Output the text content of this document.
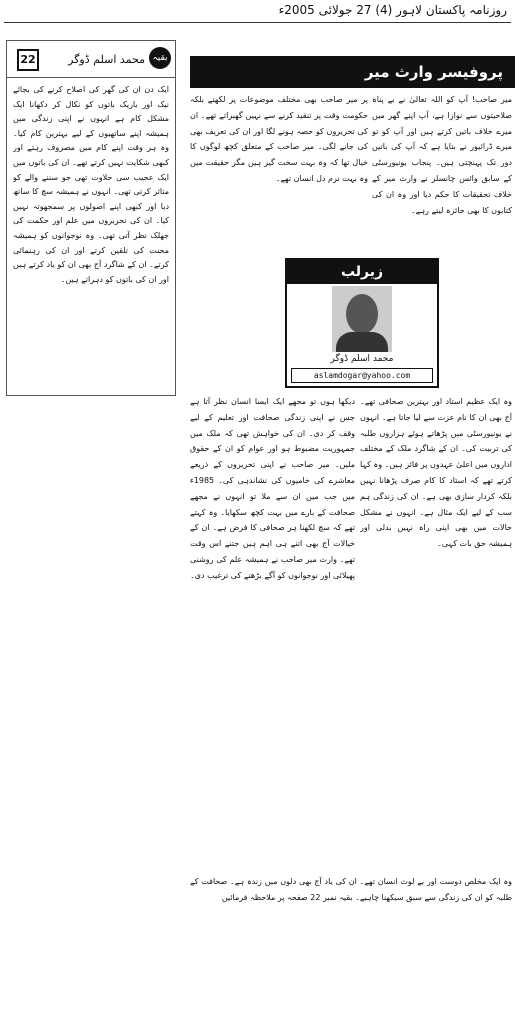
روزنامہ پاکستان لاہور (4) 27 جولائی 2005ء
22	محمد اسلم ڈوگر بقیہ
ایک دن ان کی گھر کی اصلاح کرنے کی بجائے نیک اور باریک باتوں کو نکال کر دکھانا ایک مشکل کام ہے انہوں نے اپنی زندگی میں ہمیشہ اپنے ساتھیوں کے لیے بہترین کام کیا۔ وہ ہر وقت اپنے کام میں مصروف رہتے اور کبھی شکایت نہیں کرتے تھے۔ ان کی باتوں میں ایک عجیب سی حلاوت تھی جو سننے والے کو متاثر کرتی تھی۔ انہوں نے ہمیشہ سچ کا ساتھ دیا اور کبھی اپنے اصولوں پر سمجھوتہ نہیں کیا۔ ان کی تحریروں میں علم اور حکمت کی جھلک نظر آتی تھی۔ وہ نوجوانوں کو ہمیشہ محنت کی تلقین کرتے اور ان کی رہنمائی کرتے۔ ان کے شاگرد آج بھی ان کو یاد کرتے ہیں اور ان کی باتوں کو دہراتے ہیں۔
پروفیسر وارث میر
میر صاحب! آپ کو اللہ تعالیٰ نے بے پناہ صلاحیتوں سے نوازا ہے، آپ اپنے گھر میں میرے خلاف باتیں کرتے ہیں اور آپ کو تو میرے ڈرائیور نے بتایا ہے کہ آپ کی باتیں دور تک پہنچتی ہیں۔ پنجاب یونیورسٹی کے سابق وائس چانسلر نے وارث میر کے خلاف تحقیقات کا حکم دیا اور وہ ان کی کتابوں کا بھی جائزہ لیتے رہے۔
پر میر صاحب بھی مختلف موضوعات پر لکھتے بلکہ حکومت وقت پر تنقید کرنے سے نہیں گھبراتے تھے۔ ان کی تحریروں کو حصہ ہونے لگا اور ان کی تعریف بھی کی جانے لگی۔ میر صاحب کے متعلق کچھ لوگوں کا خیال تھا کہ وہ بہت سخت گیر ہیں مگر حقیقت میں وہ بہت نرم دل انسان تھے۔
زیرلب
محمد اسلم ڈوگر
aslamdogar@yahoo.com
دیکھا ہوں تو مجھے ایک ایسا انسان نظر آتا ہے جس نے اپنی زندگی صحافت اور تعلیم کے لیے وقف کر دی۔ ان کی خواہش تھی کہ ملک میں جمہوریت مضبوط ہو اور عوام کو ان کے حقوق ملیں۔ میر صاحب نے اپنی تحریروں کے ذریعے معاشرے کی خامیوں کی نشاندہی کی۔ 1985ء میں جب میں ان سے ملا تو انہوں نے مجھے صحافت کے بارے میں بہت کچھ سکھایا۔ وہ کہتے تھے کہ سچ لکھنا ہر صحافی کا فرض ہے۔ ان کے خیالات آج بھی اتنے ہی اہم ہیں جتنے اس وقت تھے۔ وارث میر صاحب نے ہمیشہ علم کی روشنی پھیلائی اور نوجوانوں کو آگے بڑھنے کی ترغیب دی۔
وہ ایک عظیم استاد اور بہترین صحافی تھے۔ آج بھی ان کا نام عزت سے لیا جاتا ہے۔ انہوں نے یونیورسٹی میں پڑھاتے ہوئے ہزاروں طلبہ کی تربیت کی۔ ان کے شاگرد ملک کے مختلف اداروں میں اعلیٰ عہدوں پر فائز ہیں۔ وہ کہا کرتے تھے کہ استاد کا کام صرف پڑھانا نہیں بلکہ کردار سازی بھی ہے۔ ان کی زندگی ہم سب کے لیے ایک مثال ہے۔ انہوں نے مشکل حالات میں بھی اپنی راہ نہیں بدلی اور ہمیشہ حق بات کہی۔
وہ ایک مخلص دوست اور بے لوث انسان تھے۔ ان کی یاد آج بھی دلوں میں زندہ ہے۔ صحافت کے طلبہ کو ان کی زندگی سے سبق سیکھنا چاہیے۔ بقیہ نمبر 22 صفحہ پر ملاحظہ فرمائیں
